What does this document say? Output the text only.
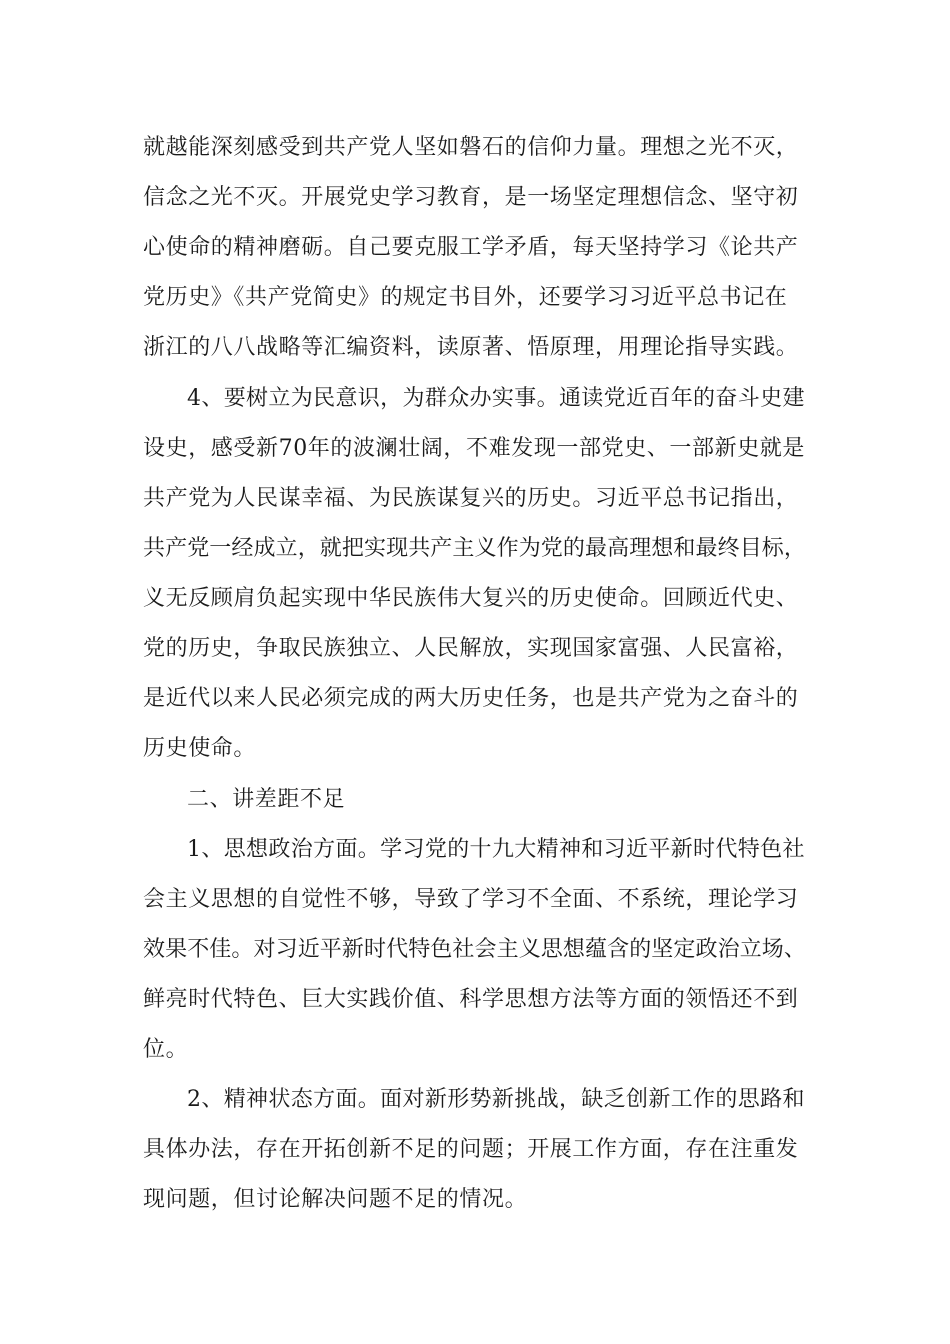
就越能深刻感受到共产党人坚如磐石的信仰力量。理想之光不灭，
信念之光不灭。开展党史学习教育，是一场坚定理想信念、坚守初
心使命的精神磨砺。自己要克服工学矛盾，每天坚持学习《论共产
党历史》《共产党简史》的规定书目外，还要学习习近平总书记在
浙江的八八战略等汇编资料，读原著、悟原理，用理论指导实践。
4、要树立为民意识，为群众办实事。通读党近百年的奋斗史建
设史，感受新70年的波澜壮阔，不难发现一部党史、一部新史就是
共产党为人民谋幸福、为民族谋复兴的历史。习近平总书记指出，
共产党一经成立，就把实现共产主义作为党的最高理想和最终目标，
义无反顾肩负起实现中华民族伟大复兴的历史使命。回顾近代史、
党的历史，争取民族独立、人民解放，实现国家富强、人民富裕，
是近代以来人民必须完成的两大历史任务，也是共产党为之奋斗的
历史使命。
二、讲差距不足
1、思想政治方面。学习党的十九大精神和习近平新时代特色社
会主义思想的自觉性不够，导致了学习不全面、不系统，理论学习
效果不佳。对习近平新时代特色社会主义思想蕴含的坚定政治立场、
鲜亮时代特色、巨大实践价值、科学思想方法等方面的领悟还不到
位。
2、精神状态方面。面对新形势新挑战，缺乏创新工作的思路和
具体办法，存在开拓创新不足的问题；开展工作方面，存在注重发
现问题，但讨论解决问题不足的情况。
